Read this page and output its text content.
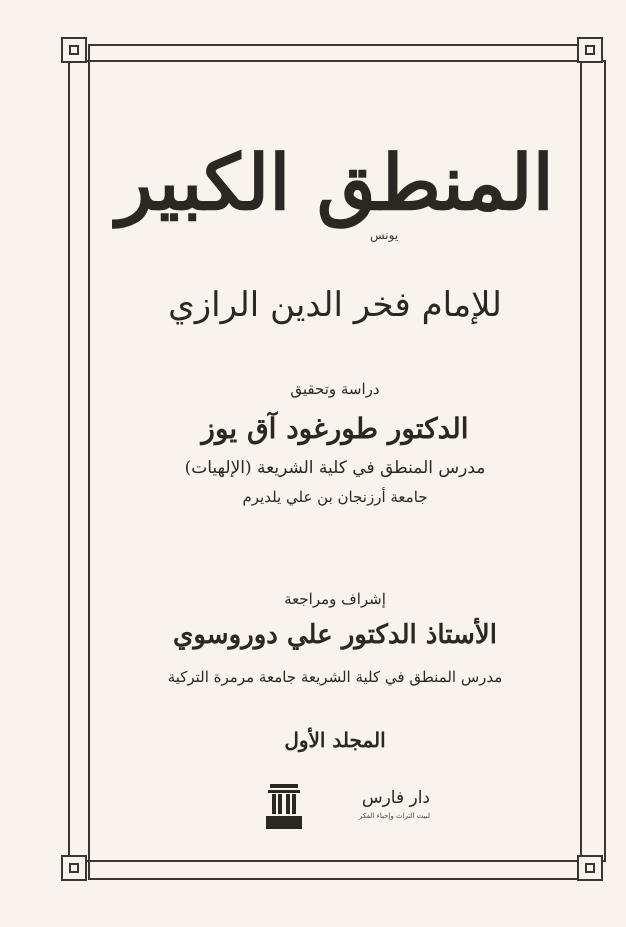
المنطق الكبير
يونس
للإمام فخر الدين الرازي
دراسة وتحقيق
الدكتور طورغود آق يوز
مدرس المنطق في كلية الشريعة (الإلهيات)
جامعة أرزنجان بن علي يلديرم
إشراف ومراجعة
الأستاذ الدكتور علي دوروسوي
مدرس المنطق في كلية الشريعة جامعة مرمرة التركية
المجلد الأول
دار فارس
لبيت التراث وإحياء الفكر
